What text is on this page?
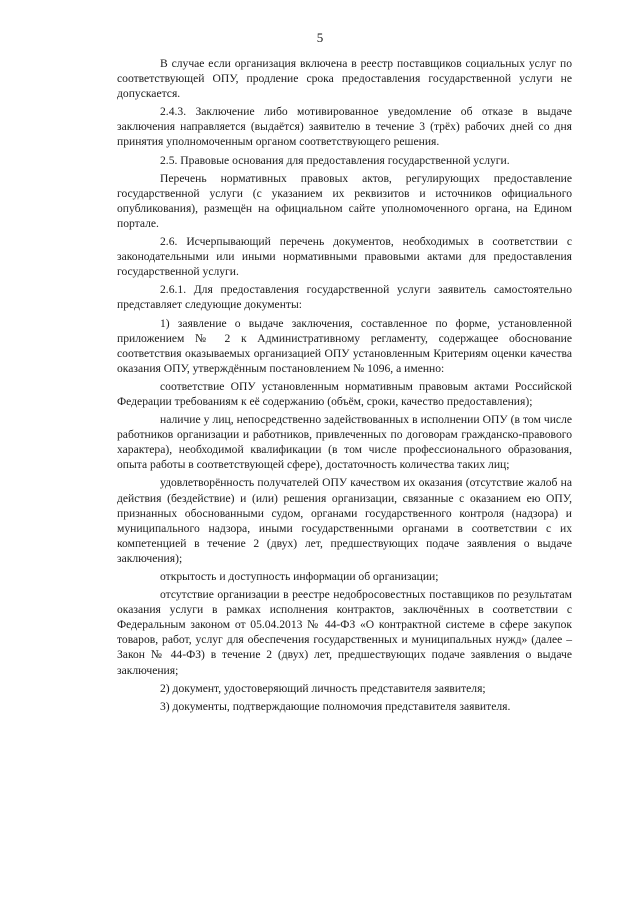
5

В случае если организация включена в реестр поставщиков социальных услуг по соответствующей ОПУ, продление срока предоставления государственной услуги не допускается.

2.4.3. Заключение либо мотивированное уведомление об отказе в выдаче заключения направляется (выдаётся) заявителю в течение 3 (трёх) рабочих дней со дня принятия уполномоченным органом соответствующего решения.

2.5. Правовые основания для предоставления государственной услуги.

Перечень нормативных правовых актов, регулирующих предоставление государственной услуги (с указанием их реквизитов и источников официального опубликования), размещён на официальном сайте уполномоченного органа, на Едином портале.

2.6. Исчерпывающий перечень документов, необходимых в соответствии с законодательными или иными нормативными правовыми актами для предоставления государственной услуги.

2.6.1. Для предоставления государственной услуги заявитель самостоятельно представляет следующие документы:

1) заявление о выдаче заключения, составленное по форме, установленной приложением № 2 к Административному регламенту, содержащее обоснование соответствия оказываемых организацией ОПУ установленным Критериям оценки качества оказания ОПУ, утверждённым постановлением № 1096, а именно:

соответствие ОПУ установленным нормативным правовым актами Российской Федерации требованиям к её содержанию (объём, сроки, качество предоставления);

наличие у лиц, непосредственно задействованных в исполнении ОПУ (в том числе работников организации и работников, привлеченных по договорам гражданско-правового характера), необходимой квалификации (в том числе профессионального образования, опыта работы в соответствующей сфере), достаточность количества таких лиц;

удовлетворённость получателей ОПУ качеством их оказания (отсутствие жалоб на действия (бездействие) и (или) решения организации, связанные с оказанием ею ОПУ, признанных обоснованными судом, органами государственного контроля (надзора) и муниципального надзора, иными государственными органами в соответствии с их компетенцией в течение 2 (двух) лет, предшествующих подаче заявления о выдаче заключения);

открытость и доступность информации об организации;

отсутствие организации в реестре недобросовестных поставщиков по результатам оказания услуги в рамках исполнения контрактов, заключённых в соответствии с Федеральным законом от 05.04.2013 № 44-ФЗ «О контрактной системе в сфере закупок товаров, работ, услуг для обеспечения государственных и муниципальных нужд» (далее – Закон № 44-ФЗ) в течение 2 (двух) лет, предшествующих подаче заявления о выдаче заключения;

2) документ, удостоверяющий личность представителя заявителя;

3) документы, подтверждающие полномочия представителя заявителя.
